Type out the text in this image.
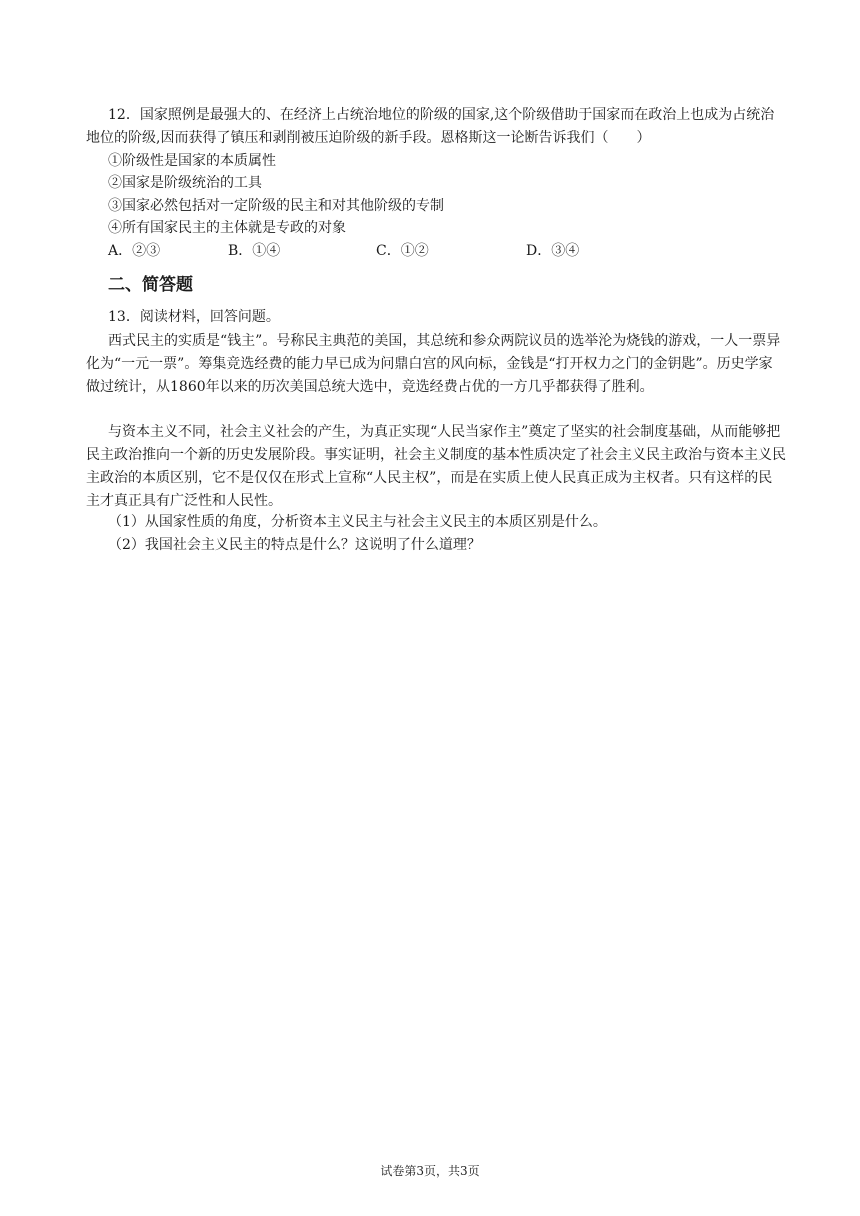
12．国家照例是最强大的、在经济上占统治地位的阶级的国家,这个阶级借助于国家而在政治上也成为占统治地位的阶级,因而获得了镇压和剥削被压迫阶级的新手段。恩格斯这一论断告诉我们（　　）

①阶级性是国家的本质属性

②国家是阶级统治的工具

③国家必然包括对一定阶级的民主和对其他阶级的专制

④所有国家民主的主体就是专政的对象

A．②③	B．①④	C．①②	D．③④
二、简答题

13．阅读材料，回答问题。

西式民主的实质是“钱主”。号称民主典范的美国，其总统和参众两院议员的选举沦为烧钱的游戏，一人一票异化为“一元一票”。筹集竞选经费的能力早已成为问鼎白宫的风向标，金钱是“打开权力之门的金钥匙”。历史学家做过统计，从1860年以来的历次美国总统大选中，竞选经费占优的一方几乎都获得了胜利。

与资本主义不同，社会主义社会的产生，为真正实现“人民当家作主”奠定了坚实的社会制度基础，从而能够把民主政治推向一个新的历史发展阶段。事实证明，社会主义制度的基本性质决定了社会主义民主政治与资本主义民主政治的本质区别，它不是仅仅在形式上宣称“人民主权”，而是在实质上使人民真正成为主权者。只有这样的民主才真正具有广泛性和人民性。

（1）从国家性质的角度，分析资本主义民主与社会主义民主的本质区别是什么。

（2）我国社会主义民主的特点是什么？这说明了什么道理？

试卷第3页，共3页
